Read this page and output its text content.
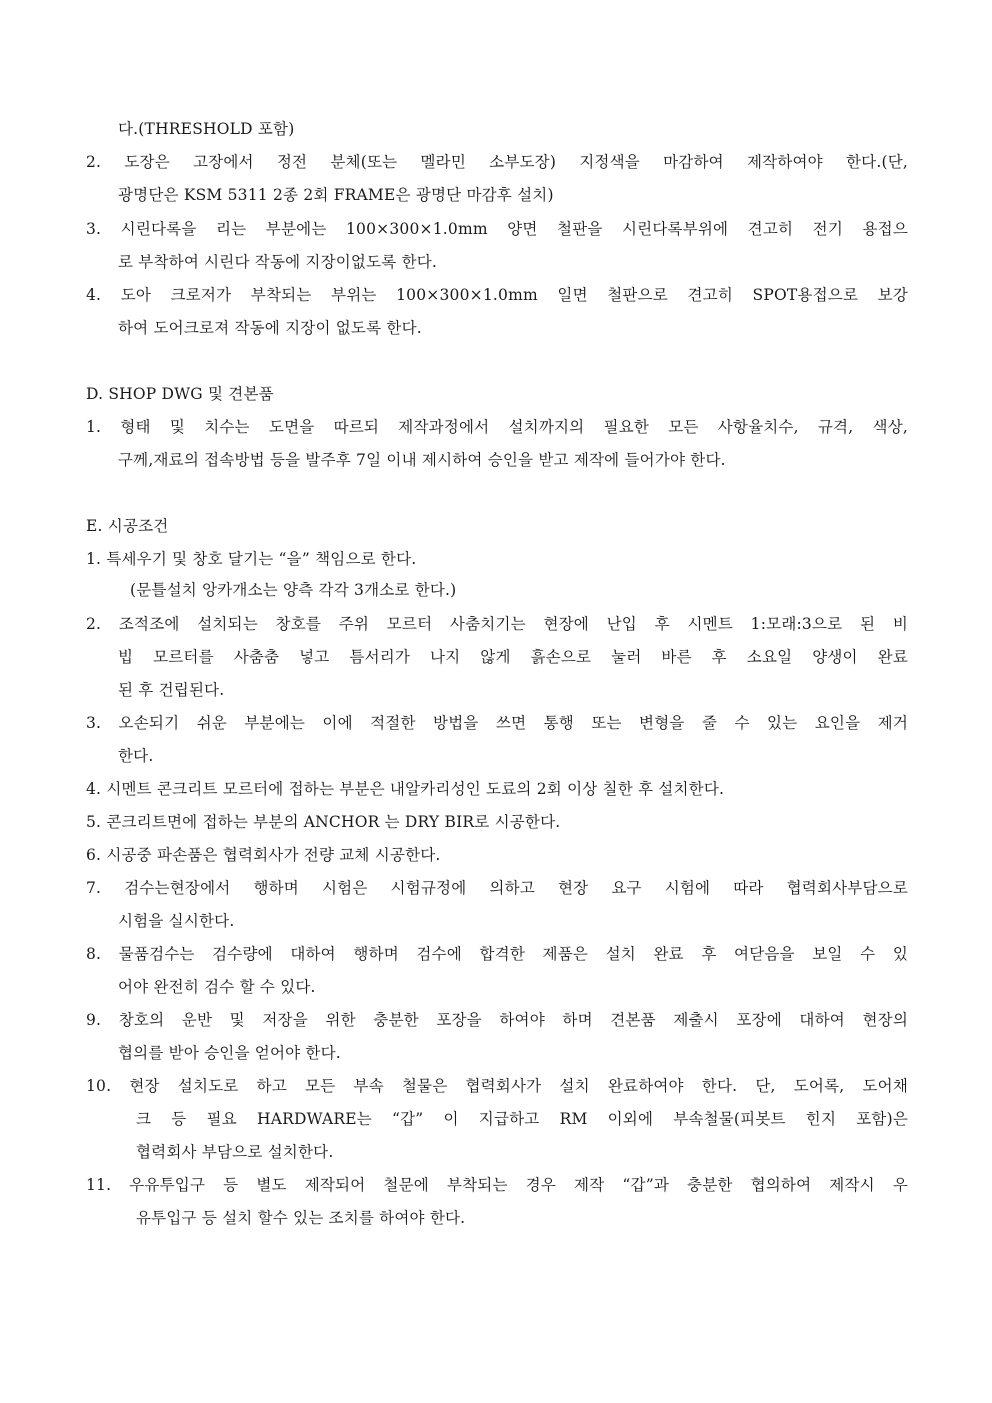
다.(THRESHOLD 포함)
2. 도장은 고장에서 정전 분체(또는 멜라민 소부도장) 지정색을 마감하여 제작하여야 한다.(단,
광명단은 KSM 5311 2종 2회 FRAME은 광명단 마감후 설치)
3. 시린다록을 리는 부분에는 100×300×1.0mm 양면 철판을 시린다록부위에 견고히 전기 용접으
로 부착하여 시린다 작동에 지장이없도록 한다.
4. 도아 크로저가 부착되는 부위는 100×300×1.0mm 일면 철판으로 견고히 SPOT용접으로 보강
하여 도어크로져 작동에 지장이 없도록 한다.
D. SHOP DWG 및 견본품
1. 형태 및 치수는 도면을 따르되 제작과정에서 설치까지의 필요한 모든 사항율치수, 규격, 색상,
구께,재료의 접속방법 등을 발주후 7일 이내 제시하여 승인을 받고 제작에 들어가야 한다.
E. 시공조건
1. 특세우기 및 창호 달기는 “을” 책임으로 한다.
(문틀설치 앙카개소는 양측 각각 3개소로 한다.)
2. 조적조에 설치되는 창호를 주위 모르터 사춤치기는 현장에 난입 후 시멘트 1:모래:3으로 된 비
빕 모르터를 사춤춤 넣고 틈서리가 나지 않게 흙손으로 눌러 바른 후 소요일 양생이 완료
된 후 건립된다.
3. 오손되기 쉬운 부분에는 이에 적절한 방법을 쓰면 통행 또는 변형을 줄 수 있는 요인을 제거
한다.
4. 시멘트 콘크리트 모르터에 접하는 부분은 내알카리성인 도료의 2회 이상 칠한 후 설치한다.
5. 콘크리트면에 접하는 부분의 ANCHOR 는 DRY BIR로 시공한다.
6. 시공중 파손품은 협력회사가 전량 교체 시공한다.
7. 검수는현장에서 행하며 시험은 시험규정에 의하고 현장 요구 시험에 따라 협력회사부담으로
시험을 실시한다.
8. 물품검수는 검수량에 대하여 행하며 검수에 합격한 제품은 설치 완료 후 여닫음을 보일 수 있
어야 완전히 검수 할 수 있다.
9. 창호의 운반 및 저장을 위한 충분한 포장을 하여야 하며 견본품 제출시 포장에 대하여 현장의
협의를 받아 승인을 얻어야 한다.
10. 현장 설치도로 하고 모든 부속 철물은 협력회사가 설치 완료하여야 한다. 단, 도어록, 도어채
크 등 필요 HARDWARE는 “갑” 이 지급하고 RM 이외에 부속철물(피봇트 힌지 포함)은
협력회사 부담으로 설치한다.
11. 우유투입구 등 별도 제작되어 철문에 부착되는 경우 제작 “갑”과 충분한 협의하여 제작시 우
유투입구 등 설치 할수 있는 조치를 하여야 한다.
